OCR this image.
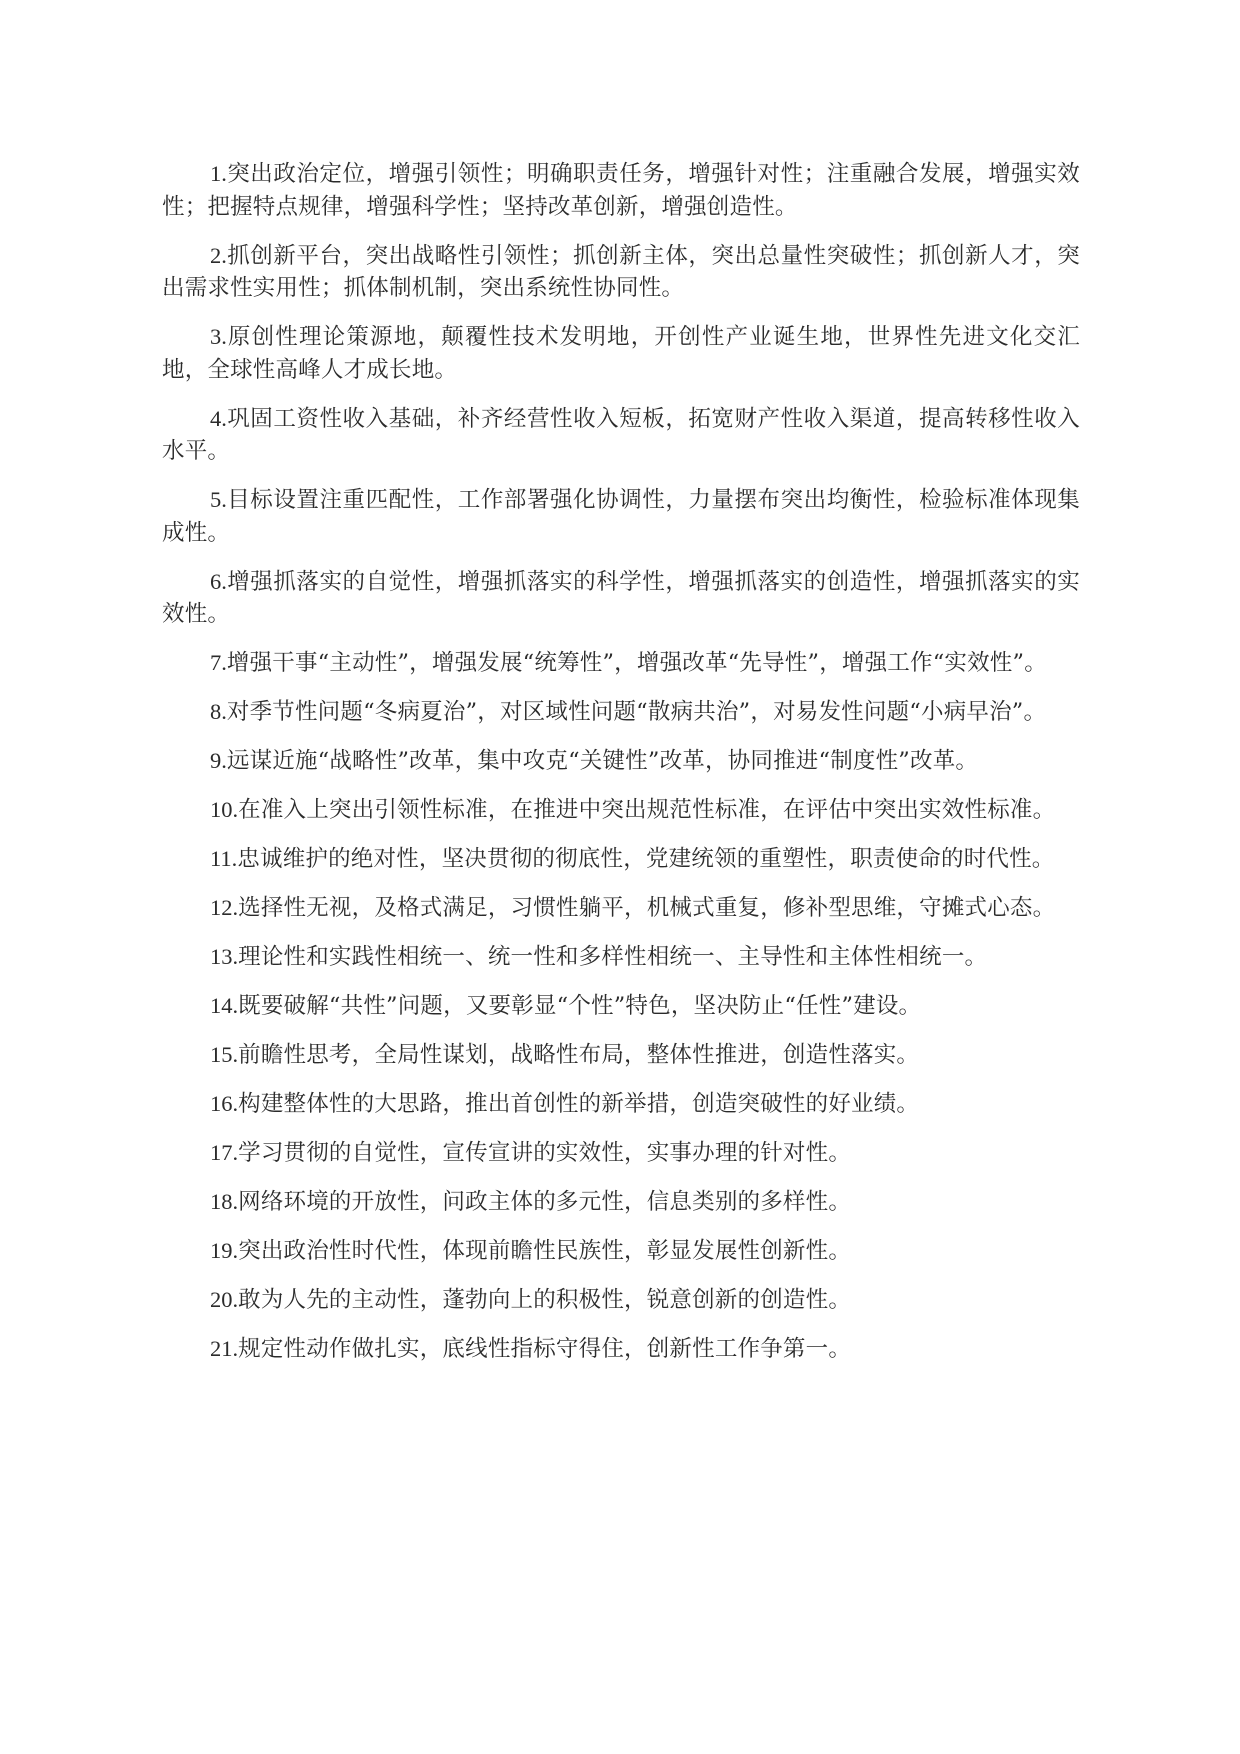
1.突出政治定位，增强引领性；明确职责任务，增强针对性；注重融合发展，增强实效性；把握特点规律，增强科学性；坚持改革创新，增强创造性。

2.抓创新平台，突出战略性引领性；抓创新主体，突出总量性突破性；抓创新人才，突出需求性实用性；抓体制机制，突出系统性协同性。

3.原创性理论策源地，颠覆性技术发明地，开创性产业诞生地，世界性先进文化交汇地，全球性高峰人才成长地。

4.巩固工资性收入基础，补齐经营性收入短板，拓宽财产性收入渠道，提高转移性收入水平。

5.目标设置注重匹配性，工作部署强化协调性，力量摆布突出均衡性，检验标准体现集成性。

6.增强抓落实的自觉性，增强抓落实的科学性，增强抓落实的创造性，增强抓落实的实效性。

7.增强干事“主动性”，增强发展“统筹性”，增强改革“先导性”，增强工作“实效性”。

8.对季节性问题“冬病夏治”，对区域性问题“散病共治”，对易发性问题“小病早治”。

9.远谋近施“战略性”改革，集中攻克“关键性”改革，协同推进“制度性”改革。

10.在准入上突出引领性标准，在推进中突出规范性标准，在评估中突出实效性标准。

11.忠诚维护的绝对性，坚决贯彻的彻底性，党建统领的重塑性，职责使命的时代性。

12.选择性无视，及格式满足，习惯性躺平，机械式重复，修补型思维，守摊式心态。

13.理论性和实践性相统一、统一性和多样性相统一、主导性和主体性相统一。

14.既要破解“共性”问题，又要彰显“个性”特色，坚决防止“任性”建设。

15.前瞻性思考，全局性谋划，战略性布局，整体性推进，创造性落实。

16.构建整体性的大思路，推出首创性的新举措，创造突破性的好业绩。

17.学习贯彻的自觉性，宣传宣讲的实效性，实事办理的针对性。

18.网络环境的开放性，问政主体的多元性，信息类别的多样性。

19.突出政治性时代性，体现前瞻性民族性，彰显发展性创新性。

20.敢为人先的主动性，蓬勃向上的积极性，锐意创新的创造性。

21.规定性动作做扎实，底线性指标守得住，创新性工作争第一。
